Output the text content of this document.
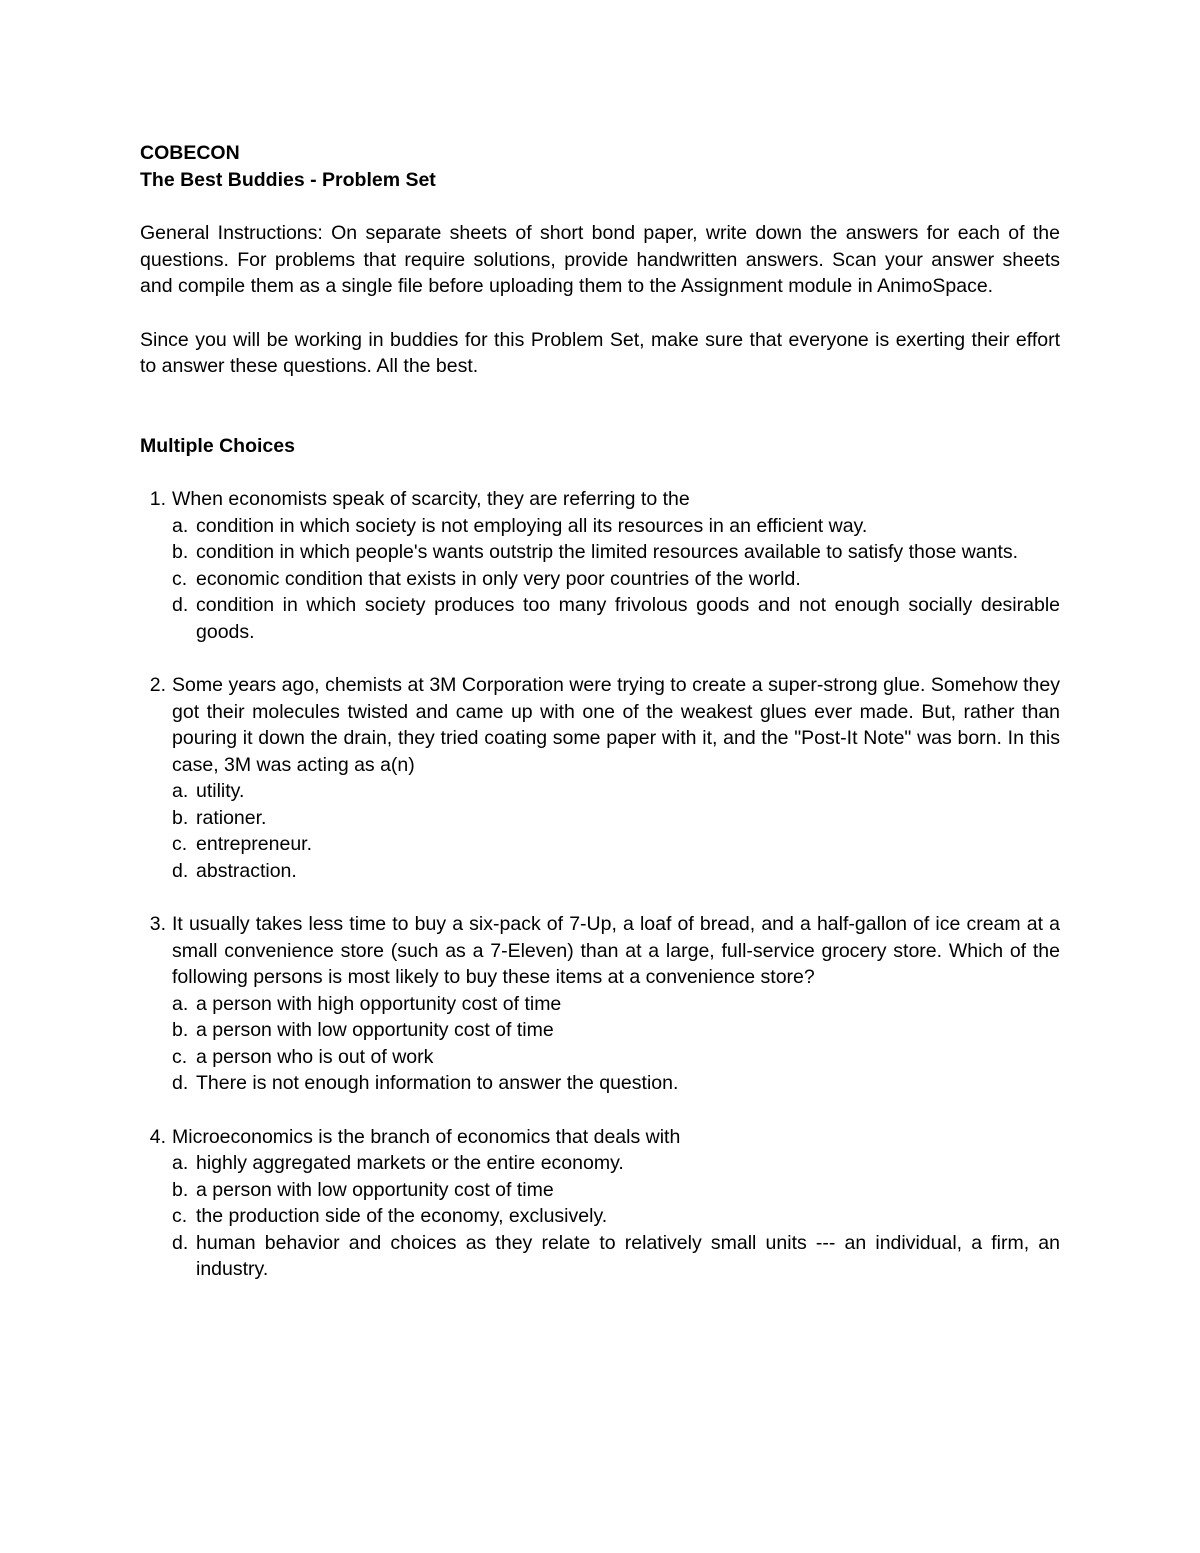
COBECON

The Best Buddies - Problem Set

General Instructions: On separate sheets of short bond paper, write down the answers for each of the questions. For problems that require solutions, provide handwritten answers. Scan your answer sheets and compile them as a single file before uploading them to the Assignment module in AnimoSpace.

Since you will be working in buddies for this Problem Set, make sure that everyone is exerting their effort to answer these questions. All the best.

Multiple Choices

1. When economists speak of scarcity, they are referring to the
a. condition in which society is not employing all its resources in an efficient way.
b. condition in which people's wants outstrip the limited resources available to satisfy those wants.
c. economic condition that exists in only very poor countries of the world.
d. condition in which society produces too many frivolous goods and not enough socially desirable goods.
2. Some years ago, chemists at 3M Corporation were trying to create a super-strong glue. Somehow they got their molecules twisted and came up with one of the weakest glues ever made. But, rather than pouring it down the drain, they tried coating some paper with it, and the "Post-It Note" was born. In this case, 3M was acting as a(n)
a. utility.
b. rationer.
c. entrepreneur.
d. abstraction.
3. It usually takes less time to buy a six-pack of 7-Up, a loaf of bread, and a half-gallon of ice cream at a small convenience store (such as a 7-Eleven) than at a large, full-service grocery store. Which of the following persons is most likely to buy these items at a convenience store?
a. a person with high opportunity cost of time
b. a person with low opportunity cost of time
c. a person who is out of work
d. There is not enough information to answer the question.
4. Microeconomics is the branch of economics that deals with
a. highly aggregated markets or the entire economy.
b. a person with low opportunity cost of time
c. the production side of the economy, exclusively.
d. human behavior and choices as they relate to relatively small units --- an individual, a firm, an industry.
